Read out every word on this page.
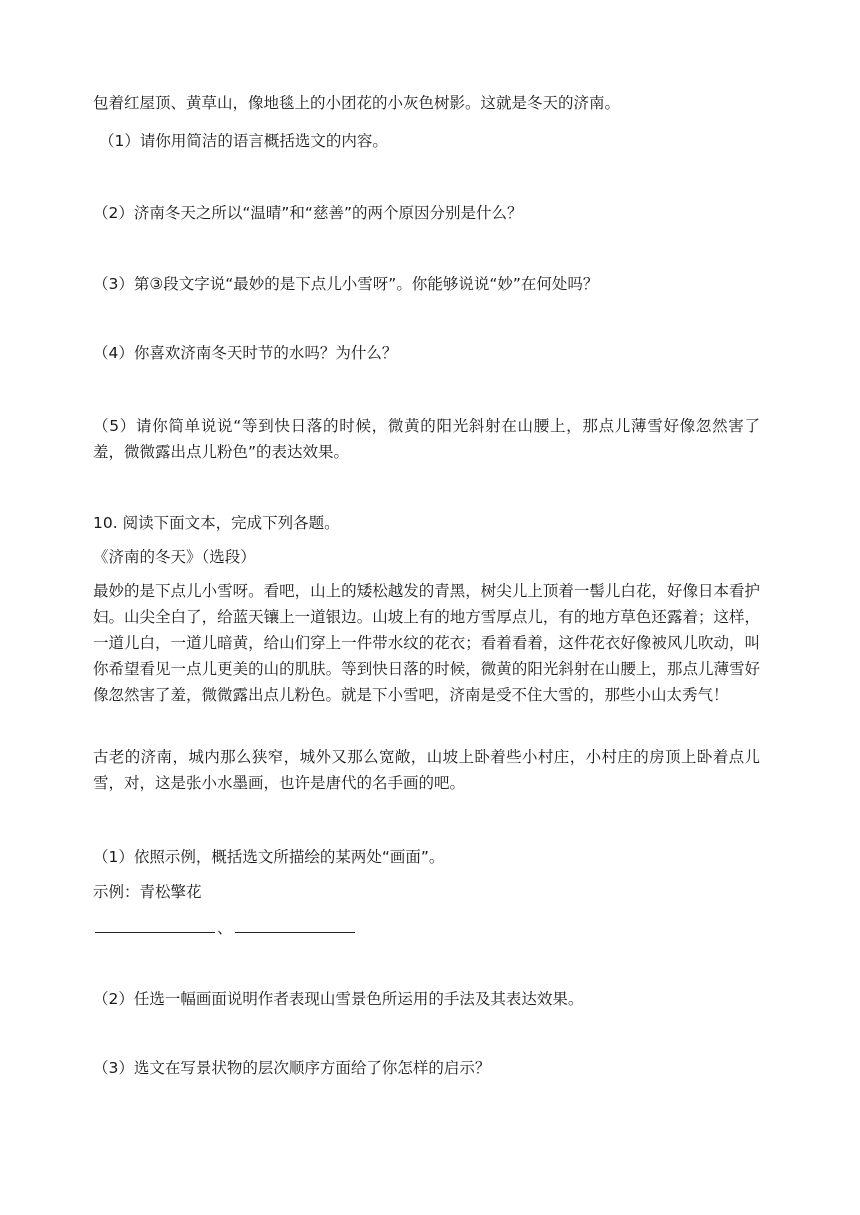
包着红屋顶、黄草山，像地毯上的小团花的小灰色树影。这就是冬天的济南。
（1）请你用简洁的语言概括选文的内容。
（2）济南冬天之所以“温晴”和“慈善”的两个原因分别是什么？
（3）第③段文字说“最妙的是下点儿小雪呀”。你能够说说“妙”在何处吗？
（4）你喜欢济南冬天时节的水吗？为什么？
（5）请你简单说说“等到快日落的时候，微黄的阳光斜射在山腰上，那点儿薄雪好像忽然害了羞，微微露出点儿粉色”的表达效果。
10. 阅读下面文本，完成下列各题。
《济南的冬天》（选段）
最妙的是下点儿小雪呀。看吧，山上的矮松越发的青黑，树尖儿上顶着一髻儿白花，好像日本看护妇。山尖全白了，给蓝天镶上一道银边。山坡上有的地方雪厚点儿，有的地方草色还露着；这样，一道儿白，一道儿暗黄，给山们穿上一件带水纹的花衣；看着看着，这件花衣好像被风儿吹动，叫你希望看见一点儿更美的山的肌肤。等到快日落的时候，微黄的阳光斜射在山腰上，那点儿薄雪好像忽然害了羞，微微露出点儿粉色。就是下小雪吧，济南是受不住大雪的，那些小山太秀气！
古老的济南，城内那么狭窄，城外又那么宽敞，山坡上卧着些小村庄，小村庄的房顶上卧着点儿雪，对，这是张小水墨画，也许是唐代的名手画的吧。
（1）依照示例，概括选文所描绘的某两处“画面”。
示例：青松擎花
、
（2）任选一幅画面说明作者表现山雪景色所运用的手法及其表达效果。
（3）选文在写景状物的层次顺序方面给了你怎样的启示？
